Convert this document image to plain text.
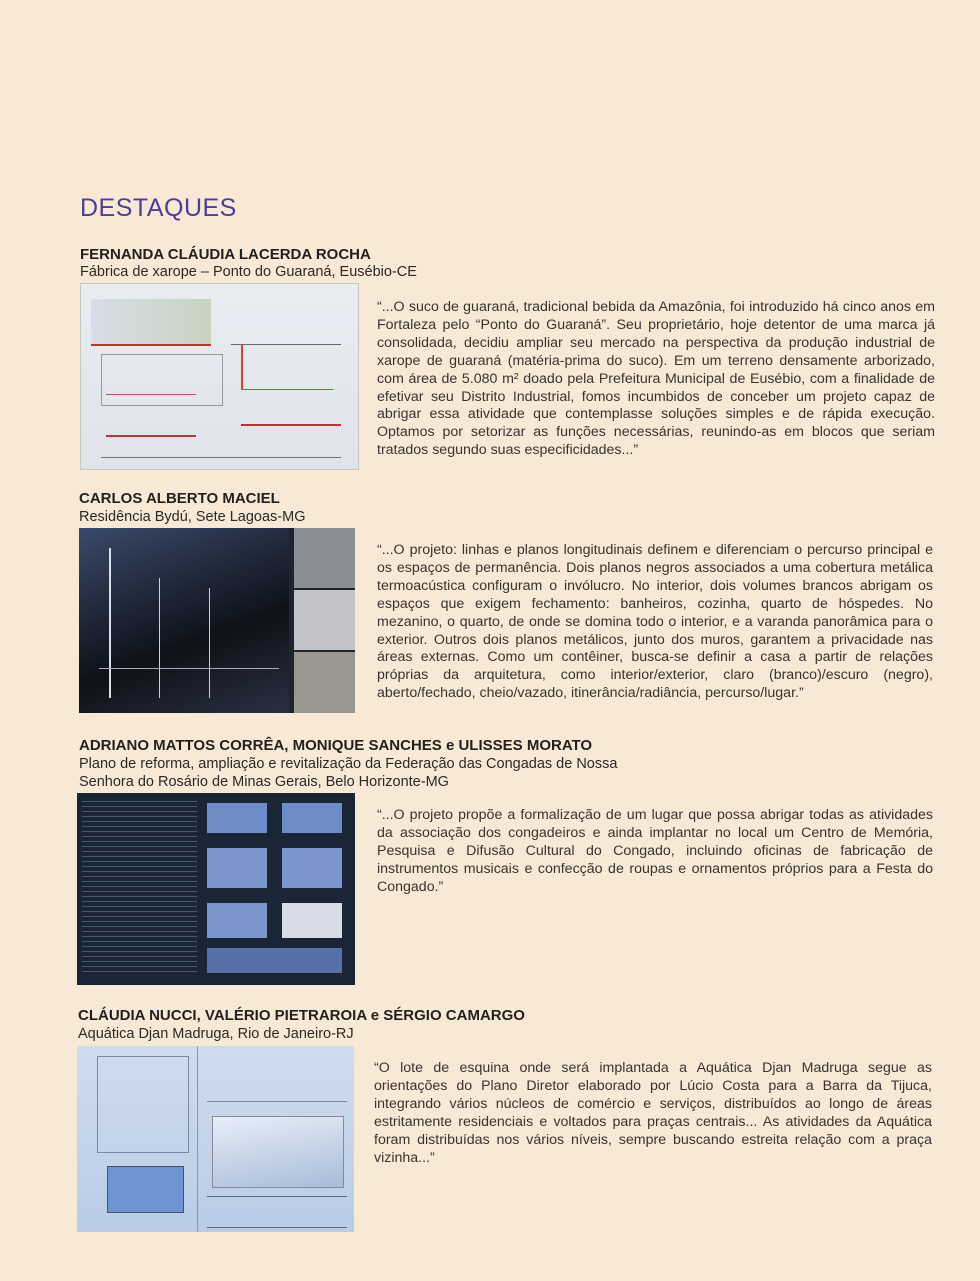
DESTAQUES
FERNANDA CLÁUDIA LACERDA ROCHA
Fábrica de xarope – Ponto do Guaraná, Eusébio-CE
“...O suco de guaraná, tradicional bebida da Amazônia, foi introduzido há cinco anos em Fortaleza pelo “Ponto do Guaraná”. Seu proprietário, hoje detentor de uma marca já consolidada, decidiu ampliar seu mercado na perspectiva da produção industrial de xarope de guaraná (matéria-prima do suco). Em um terreno densamente arborizado, com área de 5.080 m² doado pela Prefeitura Municipal de Eusébio, com a finalidade de efetivar seu Distrito Industrial, fomos incumbidos de conceber um projeto capaz de abrigar essa atividade que contemplasse soluções simples e de rápida execução. Optamos por setorizar as funções necessárias, reunindo-as em blocos que seriam tratados segundo suas especificidades...”
CARLOS ALBERTO MACIEL
Residência Bydú, Sete Lagoas-MG
“...O projeto: linhas e planos longitudinais definem e diferenciam o percurso principal e os espaços de permanência. Dois planos negros associados a uma cobertura metálica termoacústica configuram o invólucro. No interior, dois volumes brancos abrigam os espaços que exigem fechamento: banheiros, cozinha, quarto de hóspedes. No mezanino, o quarto, de onde se domina todo o interior, e a varanda panorâmica para o exterior. Outros dois planos metálicos, junto dos muros, garantem a privacidade nas áreas externas. Como um contêiner, busca-se definir a casa a partir de relações próprias da arquitetura, como interior/exterior, claro (branco)/escuro (negro), aberto/fechado, cheio/vazado, itinerância/radiância, percurso/lugar.”
ADRIANO MATTOS CORRÊA, MONIQUE SANCHES e ULISSES MORATO
Plano de reforma, ampliação e revitalização da Federação das Congadas de Nossa
Senhora do Rosário de Minas Gerais, Belo Horizonte-MG
“...O projeto propõe a formalização de um lugar que possa abrigar todas as atividades da associação dos congadeiros e ainda implantar no local um Centro de Memória, Pesquisa e Difusão Cultural do Congado, incluindo oficinas de fabricação de instrumentos musicais e confecção de roupas e ornamentos próprios para a Festa do Congado.”
CLÁUDIA NUCCI, VALÉRIO PIETRAROIA e SÉRGIO CAMARGO
Aquática Djan Madruga, Rio de Janeiro-RJ
“O lote de esquina onde será implantada a Aquática Djan Madruga segue as orientações do Plano Diretor elaborado por Lúcio Costa para a Barra da Tijuca, integrando vários núcleos de comércio e serviços, distribuídos ao longo de áreas estritamente residenciais e voltados para praças centrais... As atividades da Aquática foram distribuídas nos vários níveis, sempre buscando estreita relação com a praça vizinha...”
